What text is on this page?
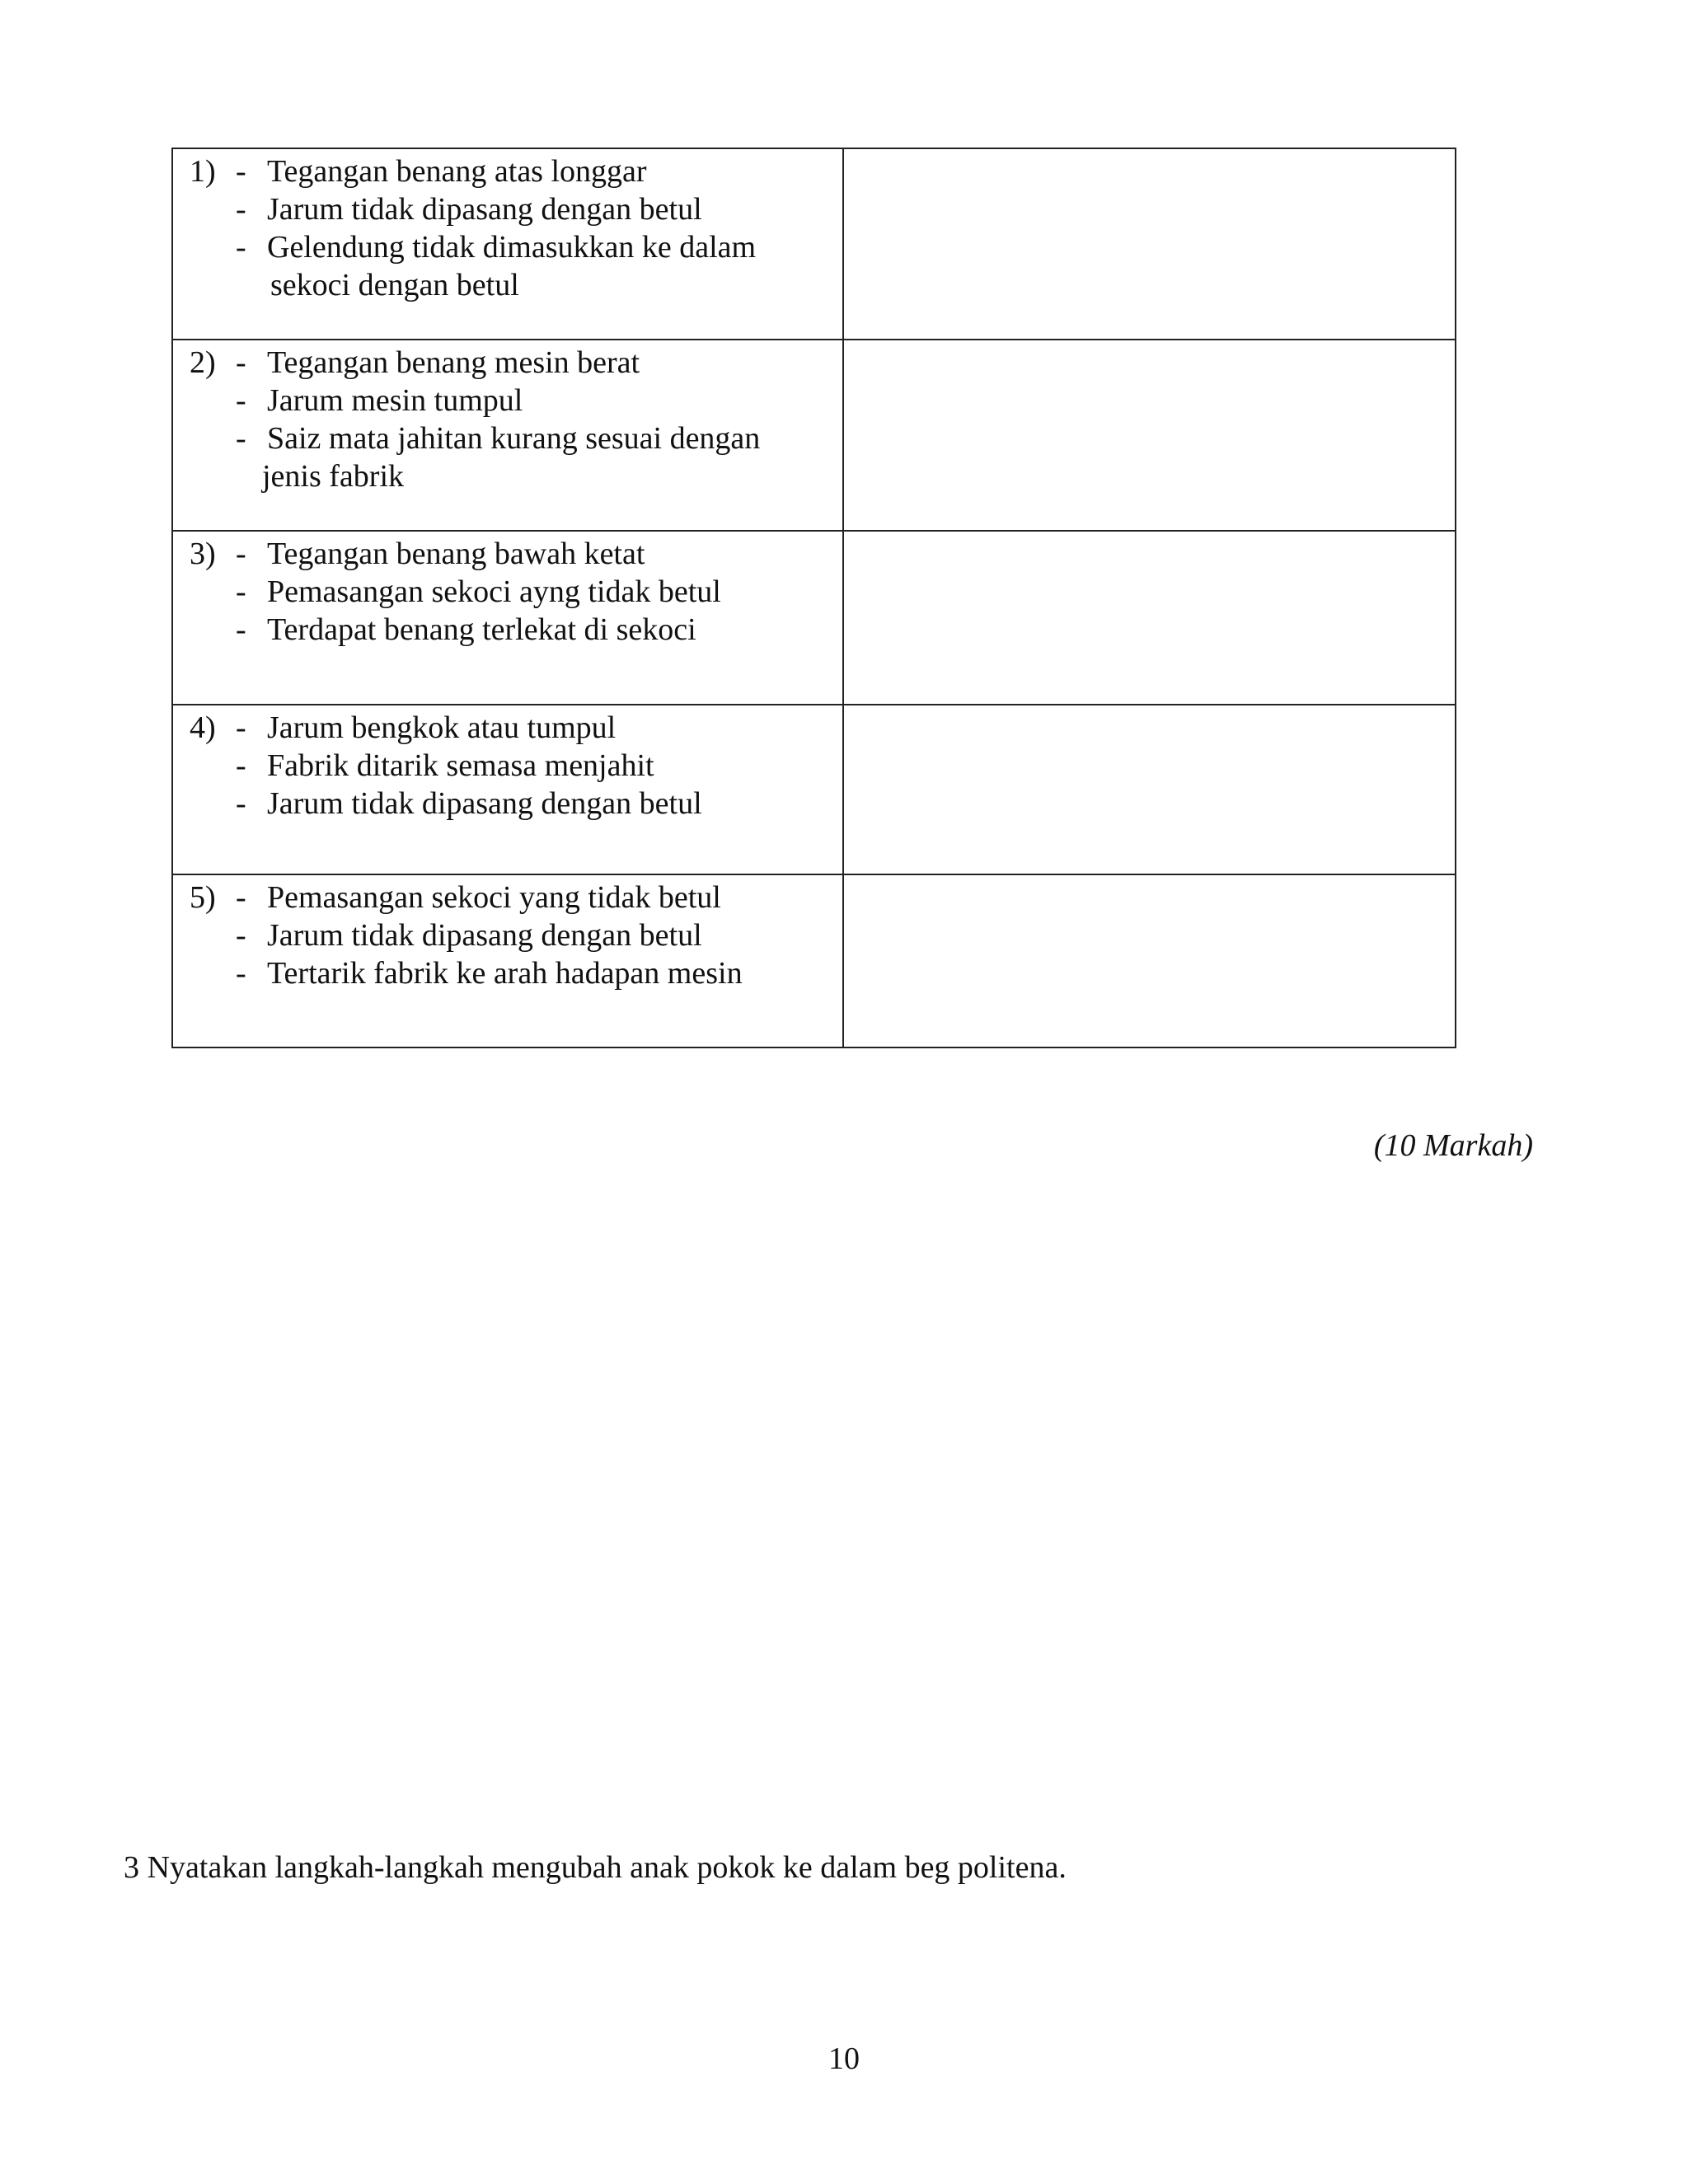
1) - Tegangan benang atas longgar
- Jarum tidak dipasang dengan betul
- Gelendung tidak dimasukkan ke dalam
sekoci dengan betul	

2) - Tegangan benang mesin berat
- Jarum mesin tumpul
- Saiz mata jahitan kurang sesuai dengan
jenis fabrik	

3) - Tegangan benang bawah ketat
- Pemasangan sekoci ayng tidak betul
- Terdapat benang terlekat di sekoci	

4) - Jarum bengkok atau tumpul
- Fabrik ditarik semasa menjahit
- Jarum tidak dipasang dengan betul	

5) - Pemasangan sekoci yang tidak betul
- Jarum tidak dipasang dengan betul
- Tertarik fabrik ke arah hadapan mesin	

(10 Markah)
3 Nyatakan langkah-langkah mengubah anak pokok ke dalam beg politena.
10
